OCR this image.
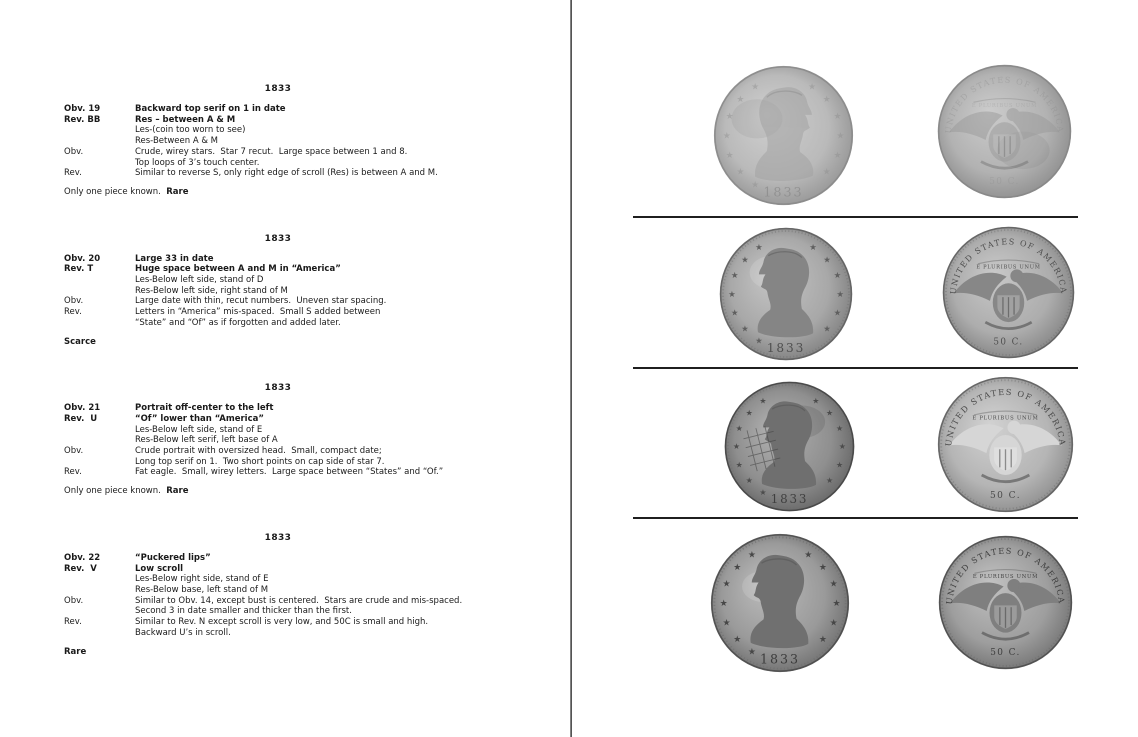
1833
Obv. 19	Backward top serif on 1 in date
Rev. BB	Res – between A & M
Les-(coin too worn to see)
Res-Between A & M
Obv.	Crude, wirey stars.  Star 7 recut.  Large space between 1 and 8.
Top loops of 3’s touch center.
Rev.	Similar to reverse S, only right edge of scroll (Res) is between A and M.
Only one piece known.  Rare
1833
Obv. 20	Large 33 in date
Rev. T	Huge space between A and M in “America”
Les-Below left side, stand of D
Res-Below left side, right stand of M
Obv.	Large date with thin, recut numbers.  Uneven star spacing.
Rev.	Letters in “America” mis-spaced.  Small S added between
“State” and “Of” as if forgotten and added later.
Scarce
1833
Obv. 21	Portrait off-center to the left
Rev.  U	“Of” lower than “America”
Les-Below left side, stand of E
Res-Below left serif, left base of A
Obv.	Crude portrait with oversized head.  Small, compact date;
Long top serif on 1.  Two short points on cap side of star 7.
Rev.	Fat eagle.  Small, wirey letters.  Large space between “States” and “Of.”
Only one piece known.  Rare
1833
Obv. 22	“Puckered lips”
Rev.  V	Low scroll
Les-Below right side, stand of E
Res-Below base, left stand of M
Obv.	Similar to Obv. 14, except bust is centered.  Stars are crude and mis-spaced.
Second 3 in date smaller and thicker than the first.
Rev.	Similar to Rev. N except scroll is very low, and 50C is small and high.
Backward U’s in scroll.
Rare
1833
UNITED STATES OF AMERICA
E PLURIBUS UNUM
50 C.
1833
UNITED STATES OF AMERICA
E PLURIBUS UNUM
50 C.
1833
UNITED STATES OF AMERICA
E PLURIBUS UNUM
50 C.
1833
UNITED STATES OF AMERICA
E PLURIBUS UNUM
50 C.
